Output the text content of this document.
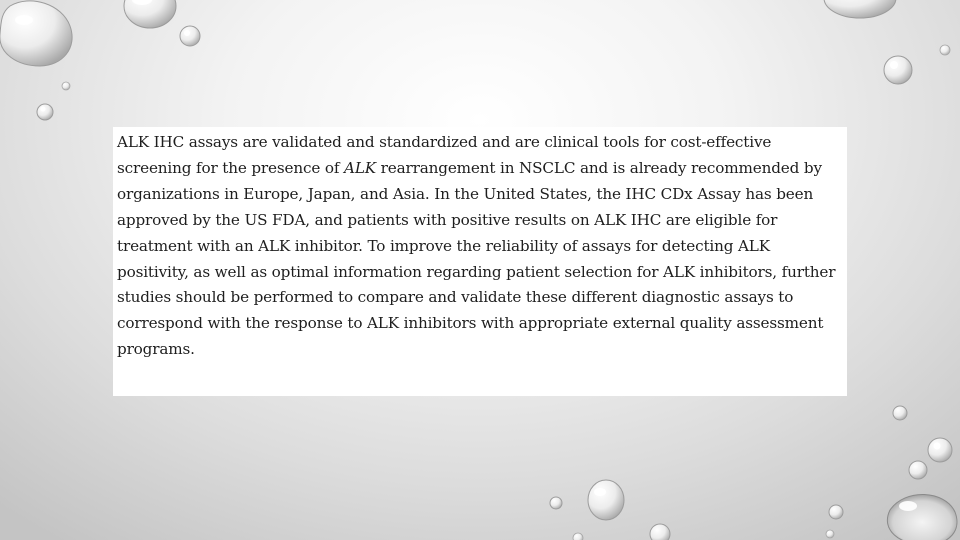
ALK IHC assays are validated and standardized and are clinical tools for cost-effective screening for the presence of ALK rearrangement in NSCLC and is already recommended by organizations in Europe, Japan, and Asia. In the United States, the IHC CDx Assay has been approved by the US FDA, and patients with positive results on ALK IHC are eligible for treatment with an ALK inhibitor. To improve the reliability of assays for detecting ALK positivity, as well as optimal information regarding patient selection for ALK inhibitors, further studies should be performed to compare and validate these different diagnostic assays to correspond with the response to ALK inhibitors with appropriate external quality assessment programs.
